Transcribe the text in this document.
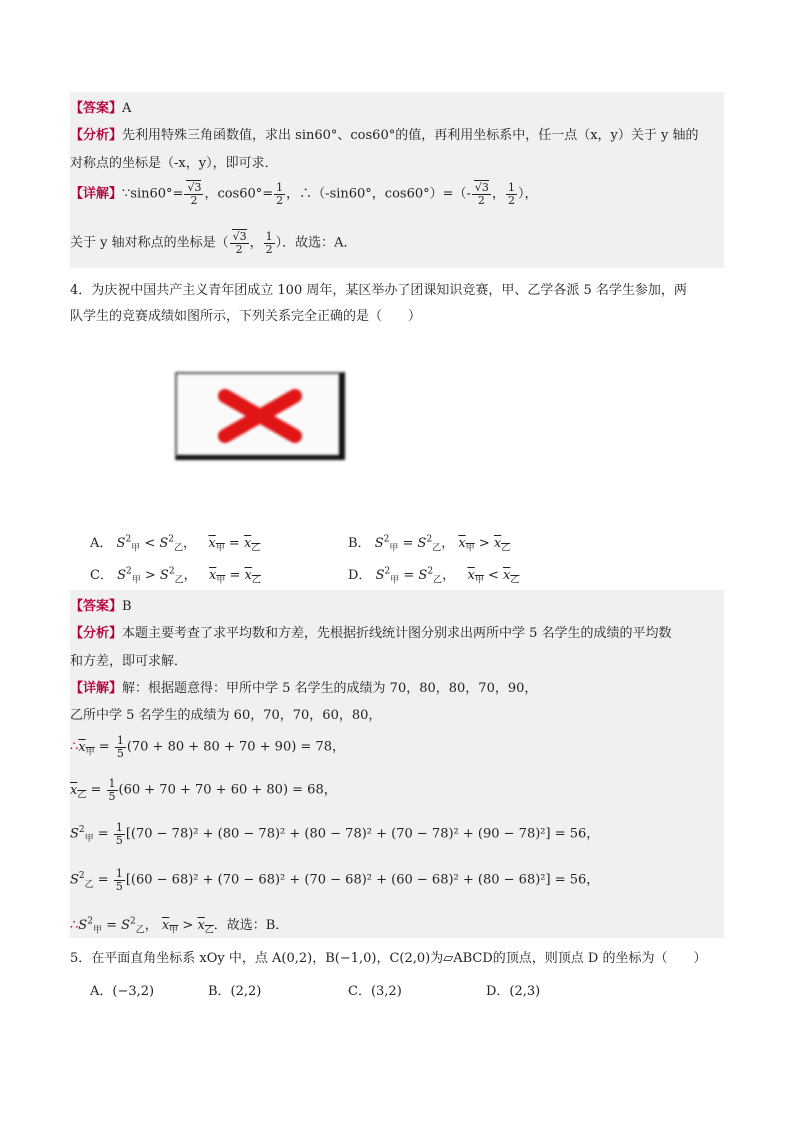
【答案】A
【分析】先利用特殊三角函数值，求出 sin60°、cos60°的值，再利用坐标系中，任一点（x，y）关于 y 轴的
对称点的坐标是（-x，y），即可求．
【详解】∵sin60°= $\frac{√3}{2}$ ，$\cos 60^\circ= \frac{1}{2}$ ，∴（-sin60°，$\cos 60^\circ)=(- \frac{√3}{2}$ ， $\frac{1}{2}$ ），
关于 y 轴对称点的坐标是（ $\frac{√3}{2}$ ， $\frac{1}{2}$ ）．故选：A．
4．为庆祝中国共产主义青年团成立 100 周年，某区举办了团课知识竞赛，甲、乙学各派 5 名学生参加，两
队学生的竞赛成绩如图所示，下列关系完全正确的是（　　）
A． $S^2_甲 < S^2_乙$，   $x_甲 = x_乙$	B． $S^2_甲 = S^2_乙$， $x_甲 > x_乙$
C． $S^2_甲 > S^2_乙$，   $x_甲 = x_乙$	D． $S^2_甲 = S^2_乙$，   $x_甲 < x_乙$
【答案】B
【分析】本题主要考查了求平均数和方差，先根据折线统计图分别求出两所中学 5 名学生的成绩的平均数
和方差，即可求解．
【详解】解：根据题意得：甲所中学 5 名学生的成绩为 70，80，80，70，90，
乙所中学 5 名学生的成绩为 60，70，70，60，80，
$\therefore x_甲 = \frac{1}{5} (70 + 80 + 80 + 70 + 90) = 78$，
$x_乙 = \frac{1}{5} (60 + 70 + 70 + 60 + 80) = 68$，
$S^2_甲 = \frac{1}{5} [(70 - 78)^2 + (80 - 78)^2 + (80 - 78)^2 + (70 - 78)^2 + (90 - 78)^2] = 56$，
$S^2_乙 = \frac{1}{5} [(60 - 68)^2 + (70 - 68)^2 + (70 - 68)^2 + (60 - 68)^2 + (80 - 68)^2] = 56$，
$\therefore S^2_甲 = S^2_乙$， $x_甲 > x_乙$．故选：B．
5．在平面直角坐标系 xOy 中，点 A(0,2)，B(−1,0)，C(2,0)为▱ABCD的顶点，则顶点 D 的坐标为（　　）
A．(−3,2)	B．(2,2)	C．(3,2)	D．(2,3)
